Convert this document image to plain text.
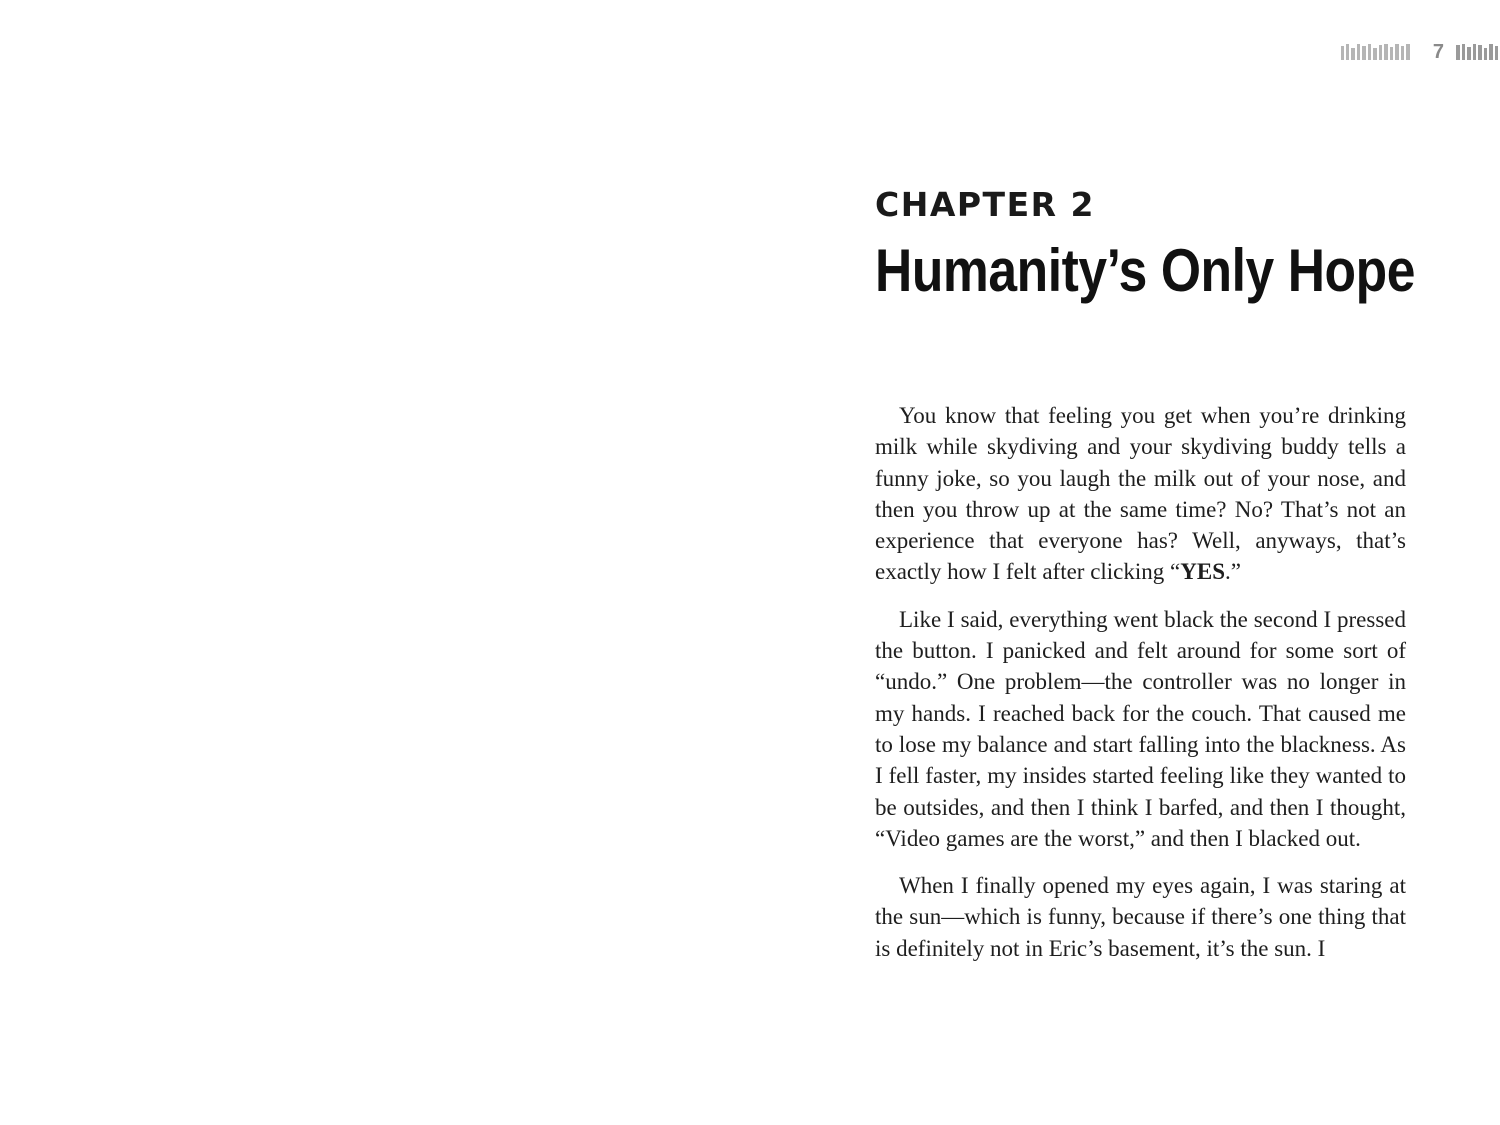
7
CHAPTER 2
Humanity’s Only Hope

You know that feeling you get when you’re drinking milk while skydiving and your skydiving buddy tells a funny joke, so you laugh the milk out of your nose, and then you throw up at the same time? No? That’s not an experience that everyone has? Well, anyways, that’s exactly how I felt after clicking “YES.”

Like I said, everything went black the second I pressed the button. I panicked and felt around for some sort of “undo.” One problem—the controller was no longer in my hands. I reached back for the couch. That caused me to lose my balance and start falling into the blackness. As I fell faster, my insides started feeling like they wanted to be outsides, and then I think I barfed, and then I thought, “Video games are the worst,” and then I blacked out.

When I finally opened my eyes again, I was staring at the sun—which is funny, because if there’s one thing that is definitely not in Eric’s basement, it’s the sun. I
